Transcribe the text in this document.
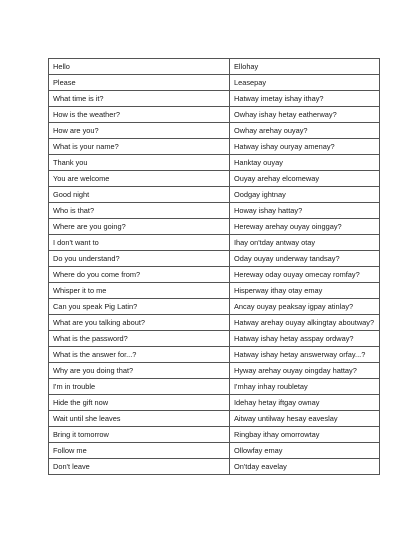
Hello	Ellohay
Please	Leasepay
What time is it?	Hatway imetay ishay ithay?
How is the weather?	Owhay ishay hetay eatherway?
How are you?	Owhay arehay ouyay?
What is your name?	Hatway ishay ouryay amenay?
Thank you	Hanktay ouyay
You are welcome	Ouyay arehay elcomeway
Good night	Oodgay ightnay
Who is that?	Howay ishay hattay?
Where are you going?	Hereway arehay ouyay oinggay?
I don't want to	Ihay on'tday antway otay
Do you understand?	Oday ouyay underway tandsay?
Where do you come from?	Hereway oday ouyay omecay romfay?
Whisper it to me	Hisperway ithay otay emay
Can you speak Pig Latin?	Ancay ouyay peaksay igpay atinlay?
What are you talking about?	Hatway arehay ouyay alkingtay aboutway?
What is the password?	Hatway ishay hetay asspay ordway?
What is the answer for...?	Hatway ishay hetay answerway orfay...?
Why are you doing that?	Hyway arehay ouyay oingday hattay?
I'm in trouble	I'mhay inhay roubletay
Hide the gift now	Idehay hetay iftgay ownay
Wait until she leaves	Aitway untilway hesay eaveslay
Bring it tomorrow	Ringbay ithay omorrowtay
Follow me	Ollowfay emay
Don't leave	On'tday eavelay
